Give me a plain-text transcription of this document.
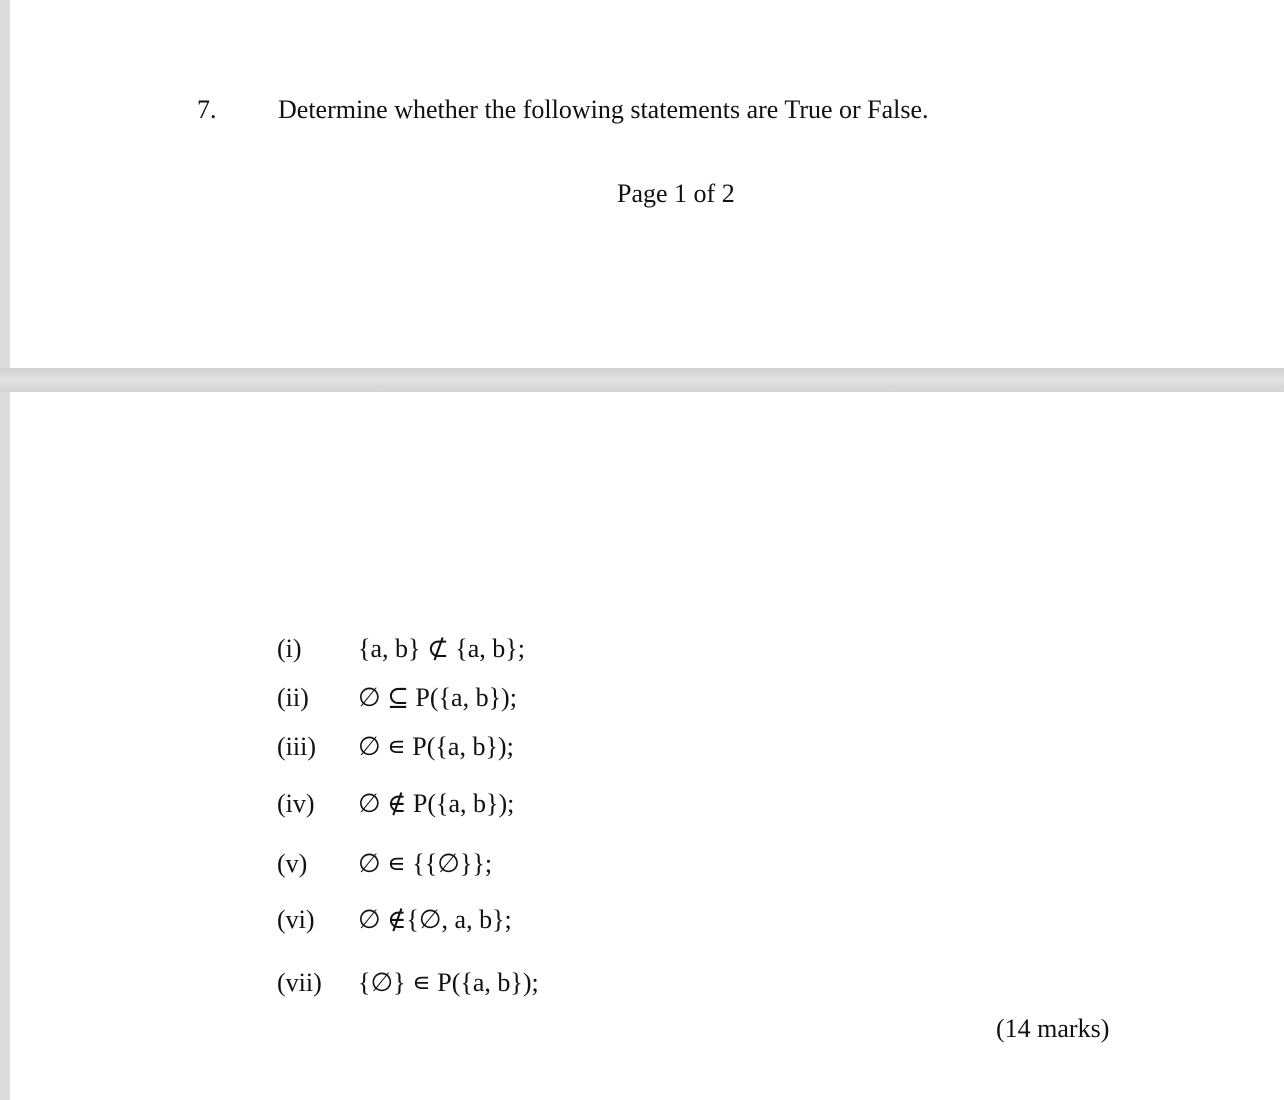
7. Determine whether the following statements are True or False.
Page 1 of 2
(i) {a, b} ⊄ {a, b};
(ii) ∅ ⊆ P({a, b});
(iii) ∅ ∊ P({a, b});
(iv) ∅ ∉ P({a, b});
(v) ∅ ∊ {{∅}};
(vi) ∅ ∉{∅, a, b};
(vii) {∅} ∊ P({a, b});
(14 marks)
